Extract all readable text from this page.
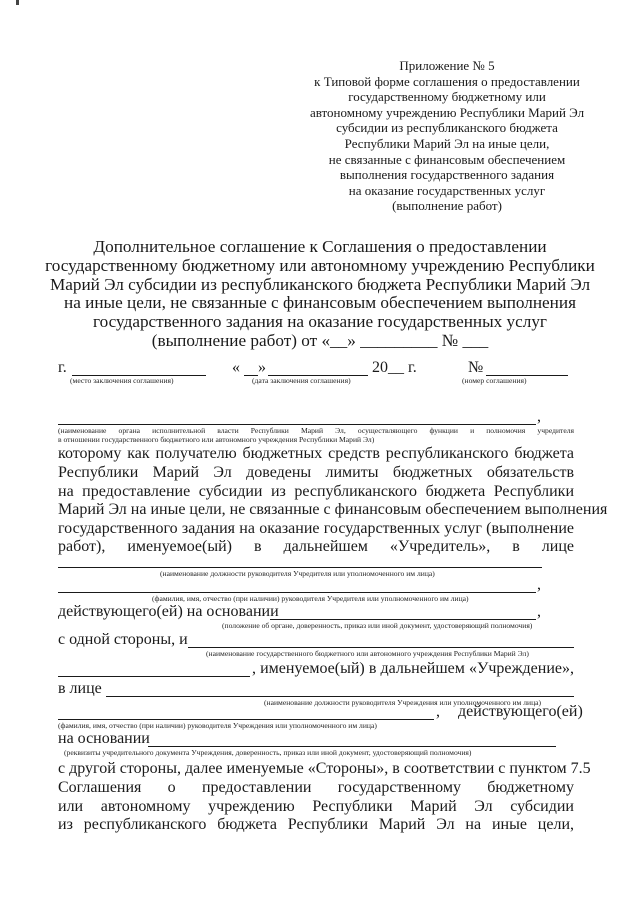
Приложение № 5
к Типовой форме соглашения о предоставлении
государственному бюджетному или
автономному учреждению Республики Марий Эл
субсидии из республиканского бюджета
Республики Марий Эл на иные цели,
не связанные с финансовым обеспечением
выполнения государственного задания
на оказание государственных услуг
(выполнение работ)
Дополнительное соглашение к Соглашения о предоставлении
государственному бюджетному или автономному учреждению Республики
Марий Эл субсидии из республиканского бюджета Республики Марий Эл
на иные цели, не связанные с финансовым обеспечением выполнения
государственного задания на оказание государственных услуг
(выполнение работ) от «__» _________ № ___
г.	« »	20__ г.	№
(место заключения соглашения)	(дата заключения соглашения)	(номер соглашения)
,
(наименование органа исполнительной власти Республики Марий Эл, осуществляющего функции и полномочия учредителя
в отношении государственного бюджетного или автономного учреждения Республики Марий Эл)
которому как получателю бюджетных средств республиканского бюджета
Республики Марий Эл доведены лимиты бюджетных обязательств
на предоставление субсидии из республиканского бюджета Республики
Марий Эл на иные цели, не связанные с финансовым обеспечением выполнения
государственного задания на оказание государственных услуг (выполнение
работ), именуемое(ый) в дальнейшем «Учредитель», в лице
(наименование должности руководителя Учредителя или уполномоченного им лица)
,
(фамилия, имя, отчество (при наличии) руководителя Учредителя или уполномоченного им лица)
действующего(ей) на основании	,
(положение об органе, доверенность, приказ или иной документ, удостоверяющий полномочия)
с одной стороны, и
(наименование государственного бюджетного или автономного учреждения Республики Марий Эл)
, именуемое(ый) в дальнейшем «Учреждение»,
в лице
(наименование должности руководителя Учреждения или уполномоченного им лица)
, действующего(ей)
(фамилия, имя, отчество (при наличии) руководителя Учреждения или уполномоченного им лица)
на основании
(реквизиты учредительного документа Учреждения, доверенность, приказ или иной документ, удостоверяющий полномочия)
с другой стороны, далее именуемые «Стороны», в соответствии с пунктом 7.5
Соглашения о предоставлении государственному бюджетному
или автономному учреждению Республики Марий Эл субсидии
из республиканского бюджета Республики Марий Эл на иные цели,
